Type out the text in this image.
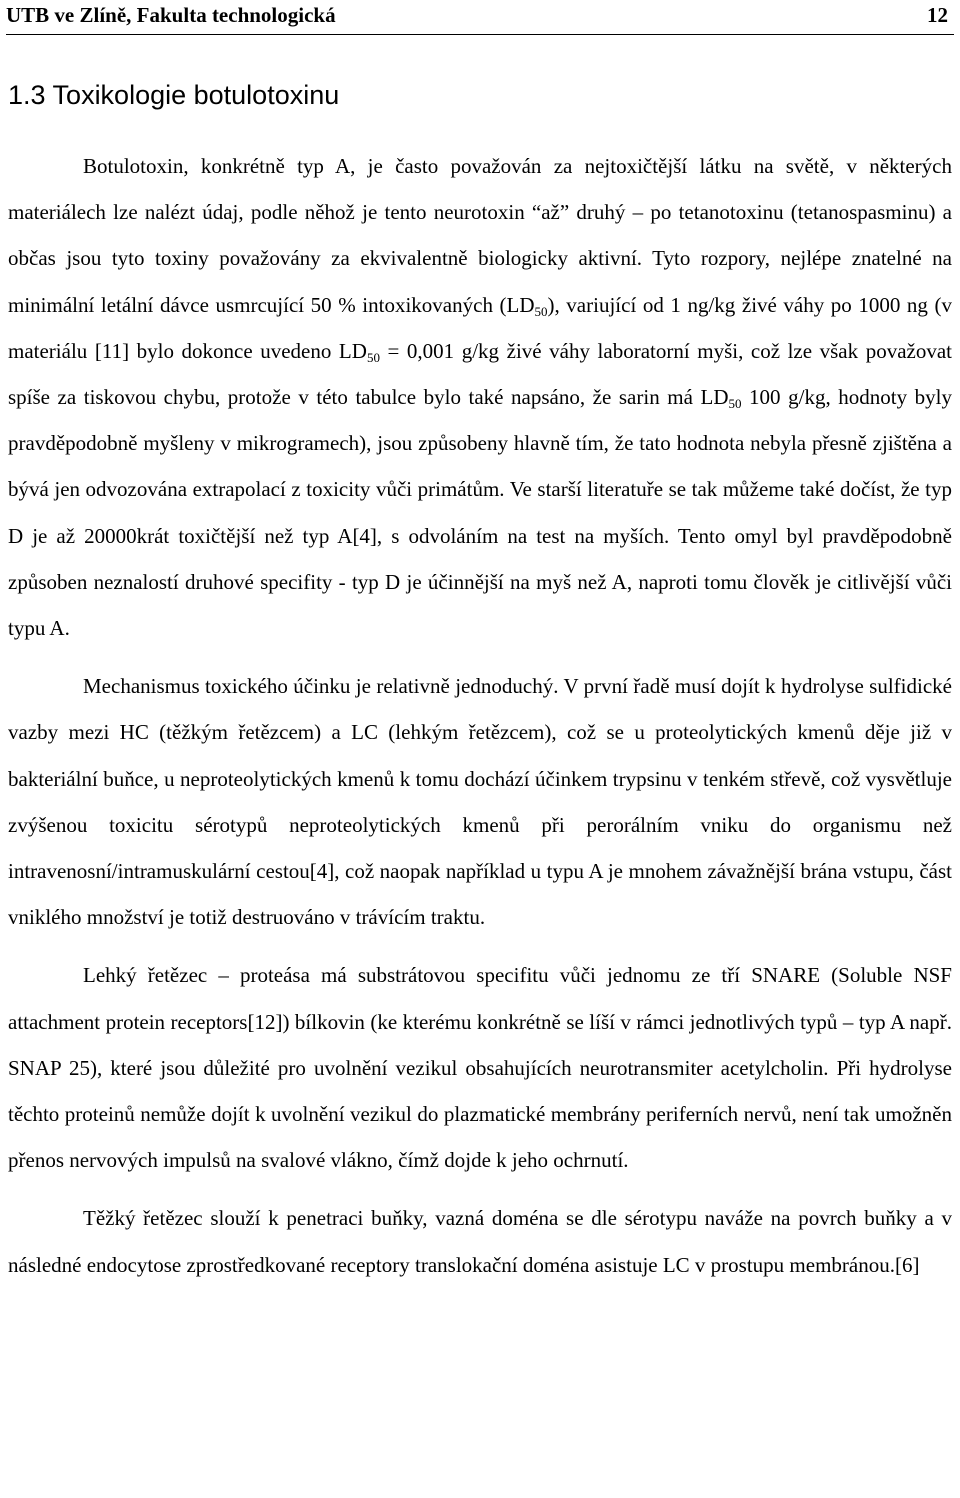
UTB ve Zlíně, Fakulta technologická	12
1.3 Toxikologie botulotoxinu

Botulotoxin, konkrétně typ A, je často považován za nejtoxičtější látku na světě, v některých materiálech lze nalézt údaj, podle něhož je tento neurotoxin “až” druhý – po tetanotoxinu (tetanospasminu) a občas jsou tyto toxiny považovány za ekvivalentně biologicky aktivní. Tyto rozpory, nejlépe znatelné na minimální letální dávce usmrcující 50 % intoxikovaných (LD50), variující od 1 ng/kg živé váhy po 1000 ng (v materiálu [11] bylo dokonce uvedeno LD50 = 0,001 g/kg živé váhy laboratorní myši, což lze však považovat spíše za tiskovou chybu, protože v této tabulce bylo také napsáno, že sarin má LD50 100 g/kg, hodnoty byly pravděpodobně myšleny v mikrogramech), jsou způsobeny hlavně tím, že tato hodnota nebyla přesně zjištěna a bývá jen odvozována extrapolací z toxicity vůči primátům. Ve starší literatuře se tak můžeme také dočíst, že typ D je až 20000krát toxičtější než typ A[4], s odvoláním na test na myších. Tento omyl byl pravděpodobně způsoben neznalostí druhové specifity - typ D je účinnější na myš než A, naproti tomu člověk je citlivější vůči typu A.

Mechanismus toxického účinku je relativně jednoduchý. V první řadě musí dojít k hydrolyse sulfidické vazby mezi HC (těžkým řetězcem) a LC (lehkým řetězcem), což se u proteolytických kmenů děje již v bakteriální buňce, u neproteolytických kmenů k tomu dochází účinkem trypsinu v tenkém střevě, což vysvětluje zvýšenou toxicitu sérotypů neproteolytických kmenů při perorálním vniku do organismu než intravenosní/intramuskulární cestou[4], což naopak například u typu A je mnohem závažnější brána vstupu, část vniklého množství je totiž destruováno v trávícím traktu.

Lehký řetězec – proteása má substrátovou specifitu vůči jednomu ze tří SNARE (Soluble NSF attachment protein receptors[12]) bílkovin (ke kterému konkrétně se líší v rámci jednotlivých typů – typ A např. SNAP 25), které jsou důležité pro uvolnění vezikul obsahujících neurotransmiter acetylcholin. Při hydrolyse těchto proteinů nemůže dojít k uvolnění vezikul do plazmatické membrány periferních nervů, není tak umožněn přenos nervových impulsů na svalové vlákno, čímž dojde k jeho ochrnutí.

Těžký řetězec slouží k penetraci buňky, vazná doména se dle sérotypu naváže na povrch buňky a v následné endocytose zprostředkované receptory translokační doména asistuje LC v prostupu membránou.[6]
